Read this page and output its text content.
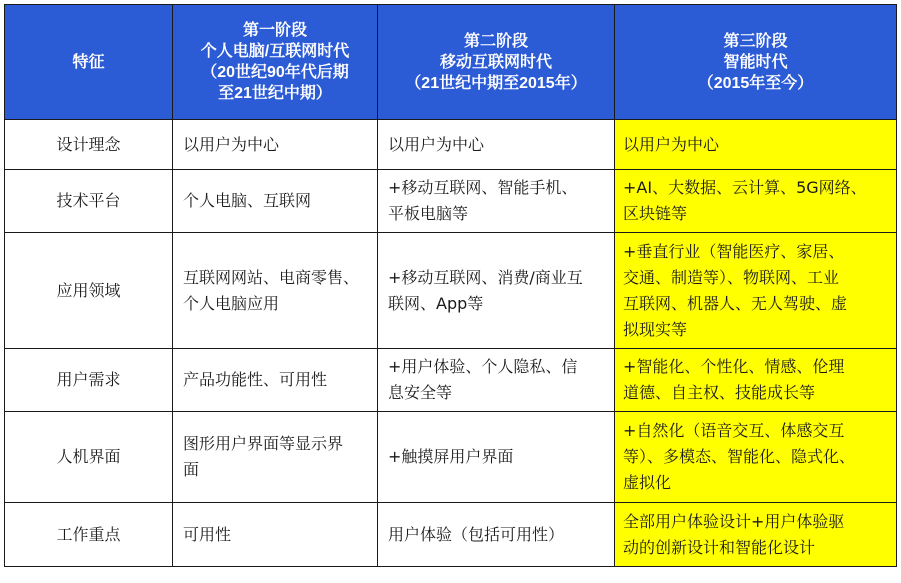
特征	第一阶段
个人电脑/互联网时代
（20世纪90年代后期
至21世纪中期）	第二阶段
移动互联网时代
（21世纪中期至2015年）	第三阶段
智能时代
（2015年至今）

设计理念	以用户为中心	以用户为中心	以用户为中心

技术平台	个人电脑、互联网	+移动互联网、智能手机、
平板电脑等	+AI、大数据、云计算、5G网络、
区块链等

应用领域	互联网网站、电商零售、
个人电脑应用	+移动互联网、消费/商业互
联网、App等	+垂直行业（智能医疗、家居、
交通、制造等）、物联网、工业
互联网、机器人、无人驾驶、虚
拟现实等

用户需求	产品功能性、可用性	+用户体验、个人隐私、信
息安全等	+智能化、个性化、情感、伦理
道德、自主权、技能成长等

人机界面	图形用户界面等显示界
面	+触摸屏用户界面	+自然化（语音交互、体感交互
等）、多模态、智能化、隐式化、
虚拟化

工作重点	可用性	用户体验（包括可用性）	全部用户体验设计+用户体验驱
动的创新设计和智能化设计
